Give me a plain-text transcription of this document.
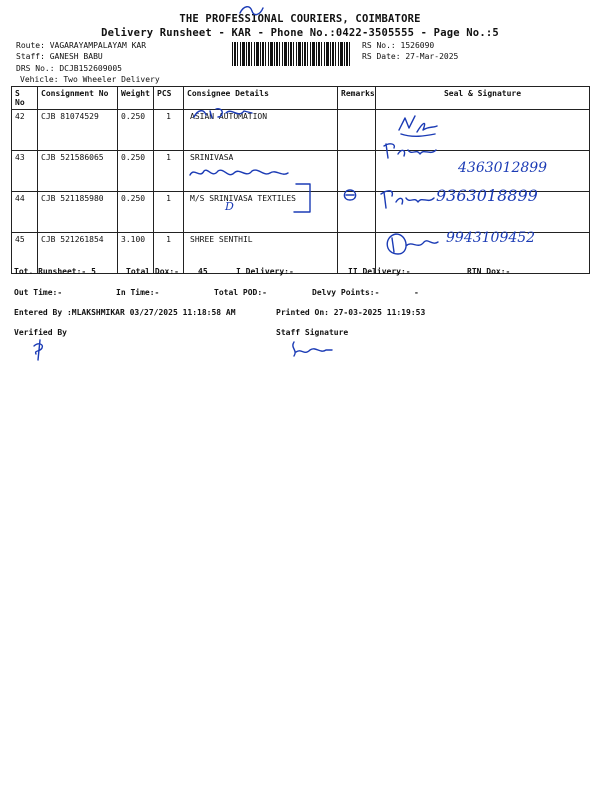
THE PROFESSIONAL COURIERS, COIMBATORE
Delivery Runsheet - KAR - Phone No.:0422-3505555 - Page No.:5
Route: VAGARAYAMPALAYAM KAR
Staff: GANESH BABU
DRS No.: DCJB152609005
Vehicle: Two Wheeler Delivery
RS No.: 1526090
RS Date: 27-Mar-2025
S No	Consignment No	Weight	PCS	Consignee Details	Remarks	Seal & Signature
42	CJB 81074529	0.250	1	ASIAN AUTOMATION		
43	CJB 521586065	0.250	1	SRINIVASA		
44	CJB 521185980	0.250	1	M/S SRINIVASA TEXTILES		
45	CJB 521261854	3.100	1	SHREE SENTHIL		
Tot. Runsheet:- 5	Total Dox:- 45	I Delivery:-	II Delivery:-	RTN Dox:-
Out Time:-	In Time:-	Total POD:-	Delvy Points:-	-
Entered By :MLAKSHMIKAR 03/27/2025 11:18:58 AM	Printed On: 27-03-2025 11:19:53
Verified By	Staff Signature
4363012899
D
9363018899
9943109452
